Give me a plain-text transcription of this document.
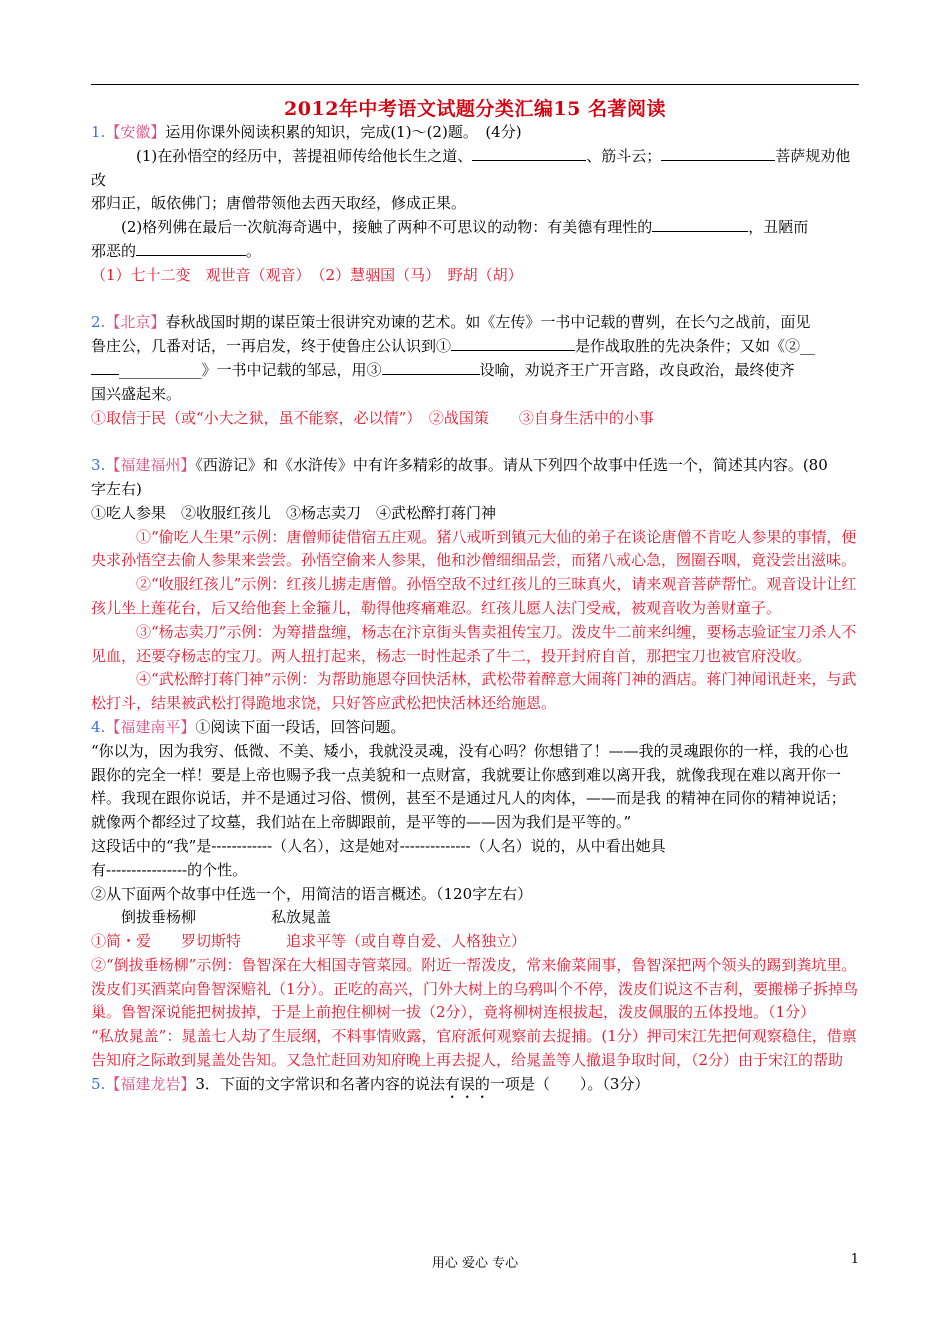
2012年中考语文试题分类汇编15 名著阅读

1.【安徽】运用你课外阅读积累的知识，完成(1)～(2)题。　(4分)

(1)在孙悟空的经历中，菩提祖师传给他长生之道、	、筋斗云；	菩萨规劝他改

邪归正，皈依佛门；唐僧带领他去西天取经，修成正果。

(2)格列佛在最后一次航海奇遇中，接触了两种不可思议的动物：有美德有理性的	，丑陋而

邪恶的	。

（1）七十二变　观世音（观音）　（2）慧骃国（马）　野胡（胡）

2.【北京】春秋战国时期的谋臣策士很讲究劝谏的艺术。如《左传》一书中记载的曹刿，在长勺之战前，面见

鲁庄公，几番对话，一再启发，终于使鲁庄公认识到①	是作战取胜的先决条件；又如《②__

___________》一书中记载的邹忌，用③	设喻，劝说齐王广开言路，改良政治，最终使齐

国兴盛起来。

①取信于民（或“小大之狱，虽不能察，必以情”）　②战国策　　③自身生活中的小事

3.【福建福州】《西游记》和《水浒传》中有许多精彩的故事。请从下列四个故事中任选一个，简述其内容。(80

字左右)

①吃人参果　②收服红孩儿　③杨志卖刀　④武松醉打蒋门神

①“偷吃人生果”示例：唐僧师徒借宿五庄观。猪八戒听到镇元大仙的弟子在谈论唐僧不肯吃人参果的事情，便央求孙悟空去偷人参果来尝尝。孙悟空偷来人参果，他和沙僧细细品尝，而猪八戒心急，囫圈吞咽，竟没尝出滋味。

②“收服红孩儿”示例：红孩儿掳走唐僧。孙悟空敌不过红孩儿的三昧真火，请来观音菩萨帮忙。观音设计让红孩儿坐上莲花台，后又给他套上金箍儿，勒得他疼痛难忍。红孩儿愿人法门受戒，被观音收为善财童子。

③“杨志卖刀”示例：为筹措盘缠，杨志在汴京街头售卖祖传宝刀。泼皮牛二前来纠缠，要杨志验证宝刀杀人不见血，还要夺杨志的宝刀。两人扭打起来，杨志一时性起杀了牛二，投开封府自首，那把宝刀也被官府没收。

④“武松醉打蒋门神”示例：为帮助施恩夺回快活林，武松带着醉意大闹蒋门神的酒店。蒋门神闻讯赶来，与武松打斗，结果被武松打得跪地求饶，只好答应武松把快活林还给施恩。

4.【福建南平】①阅读下面一段话，回答问题。

“你以为，因为我穷、低微、不美、矮小，我就没灵魂，没有心吗？你想错了！——我的灵魂跟你的一样，我的心也跟你的完全一样！要是上帝也赐予我一点美貌和一点财富，我就要让你感到难以离开我，就像我现在难以离开你一样。我现在跟你说话，并不是通过习俗、惯例，甚至不是通过凡人的肉体，——而是我 的精神在同你的精神说话；就像两个都经过了坟墓，我们站在上帝脚跟前，是平等的——因为我们是平等的。”

这段话中的“我”是------------（人名），这是她对--------------（人名）说的，从中看出她具

有----------------的个性。

②从下面两个故事中任选一个，用简洁的语言概述。（120字左右）

　　倒拔垂杨柳　　　　　私放晁盖

①简・爱　　罗切斯特　　　追求平等（或自尊自爱、人格独立）

②“倒拔垂杨柳”示例：鲁智深在大相国寺管菜园。附近一帮泼皮，常来偷菜闹事，鲁智深把两个领头的踢到粪坑里。泼皮们买酒菜向鲁智深赔礼（1分）。正吃的高兴，门外大树上的乌鸦叫个不停，泼皮们说这不吉利，要搬梯子拆掉鸟巢。鲁智深说能把树拔掉，于是上前抱住柳树一拔（2分），竟将柳树连根拔起，泼皮佩服的五体投地。（1分）

“私放晁盖”：晁盖七人劫了生辰纲，不料事情败露，官府派何观察前去捉捕。(1分）押司宋江先把何观察稳住，借禀告知府之际敢到晁盖处告知。又急忙赶回劝知府晚上再去捉人，给晁盖等人撤退争取时间，（2分）由于宋江的帮助

5.【福建龙岩】3．下面的文字常识和名著内容的说法有误的一项是（　　）。（3分）

用心 爱心 专心	1
